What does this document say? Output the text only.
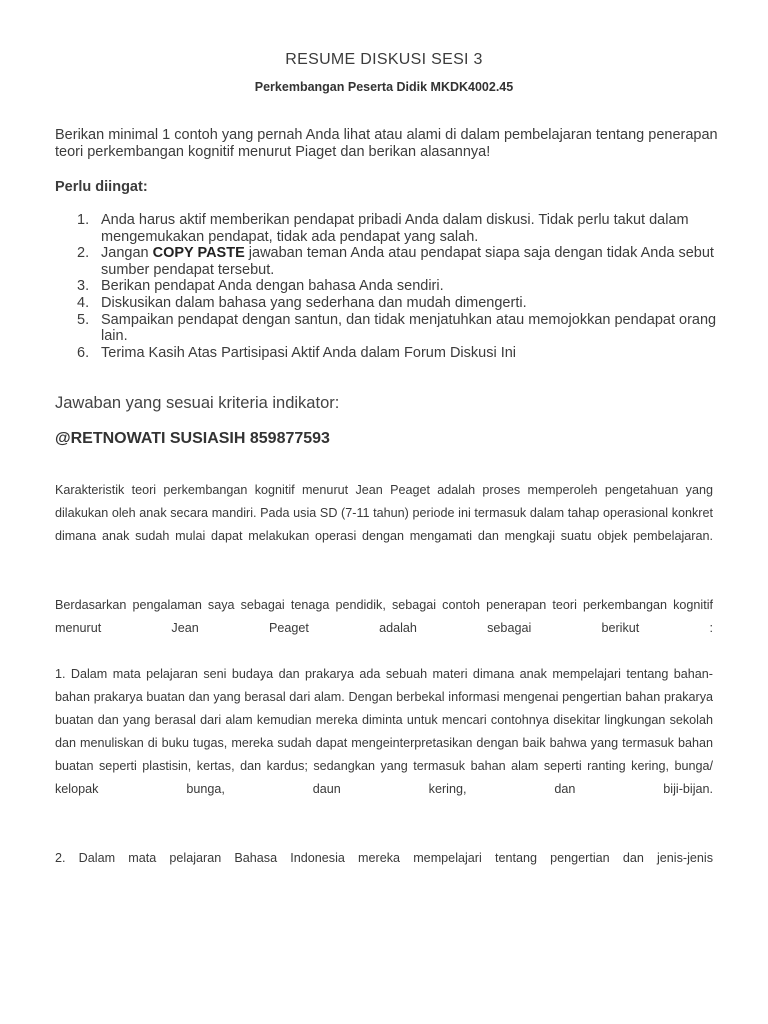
RESUME DISKUSI SESI 3
Perkembangan Peserta Didik MKDK4002.45
Berikan minimal 1 contoh yang pernah Anda lihat atau alami di dalam pembelajaran tentang penerapan teori perkembangan kognitif menurut Piaget dan berikan alasannya!
Perlu diingat:
1. Anda harus aktif memberikan pendapat pribadi Anda dalam diskusi. Tidak perlu takut dalam mengemukakan pendapat, tidak ada pendapat yang salah.
2. Jangan COPY PASTE jawaban teman Anda atau pendapat siapa saja dengan tidak Anda sebut sumber pendapat tersebut.
3. Berikan pendapat Anda dengan bahasa Anda sendiri.
4. Diskusikan dalam bahasa yang sederhana dan mudah dimengerti.
5. Sampaikan pendapat dengan santun, dan tidak menjatuhkan atau memojokkan pendapat orang lain.
6. Terima Kasih Atas Partisipasi Aktif Anda dalam Forum Diskusi Ini
Jawaban yang sesuai kriteria indikator:
@RETNOWATI SUSIASIH 859877593

Karakteristik teori perkembangan kognitif menurut Jean Peaget adalah proses memperoleh pengetahuan yang dilakukan oleh anak secara mandiri. Pada usia SD (7-11 tahun) periode ini termasuk dalam tahap operasional konkret dimana anak sudah mulai dapat melakukan operasi dengan mengamati dan mengkaji suatu objek pembelajaran.

Berdasarkan pengalaman saya sebagai tenaga pendidik, sebagai contoh penerapan teori perkembangan kognitif menurut Jean Peaget adalah sebagai berikut :

1. Dalam mata pelajaran seni budaya dan prakarya ada sebuah materi dimana anak mempelajari tentang bahan-bahan prakarya buatan dan yang berasal dari alam. Dengan berbekal informasi mengenai pengertian bahan prakarya buatan dan yang berasal dari alam kemudian mereka diminta untuk mencari contohnya disekitar lingkungan sekolah dan menuliskan di buku tugas, mereka sudah dapat mengeinterpretasikan dengan baik bahwa yang termasuk bahan buatan seperti plastisin, kertas, dan kardus; sedangkan yang termasuk bahan alam seperti ranting kering, bunga/ kelopak bunga, daun kering, dan biji-bijan.

2. Dalam mata pelajaran Bahasa Indonesia mereka mempelajari tentang pengertian dan jenis-jenis
